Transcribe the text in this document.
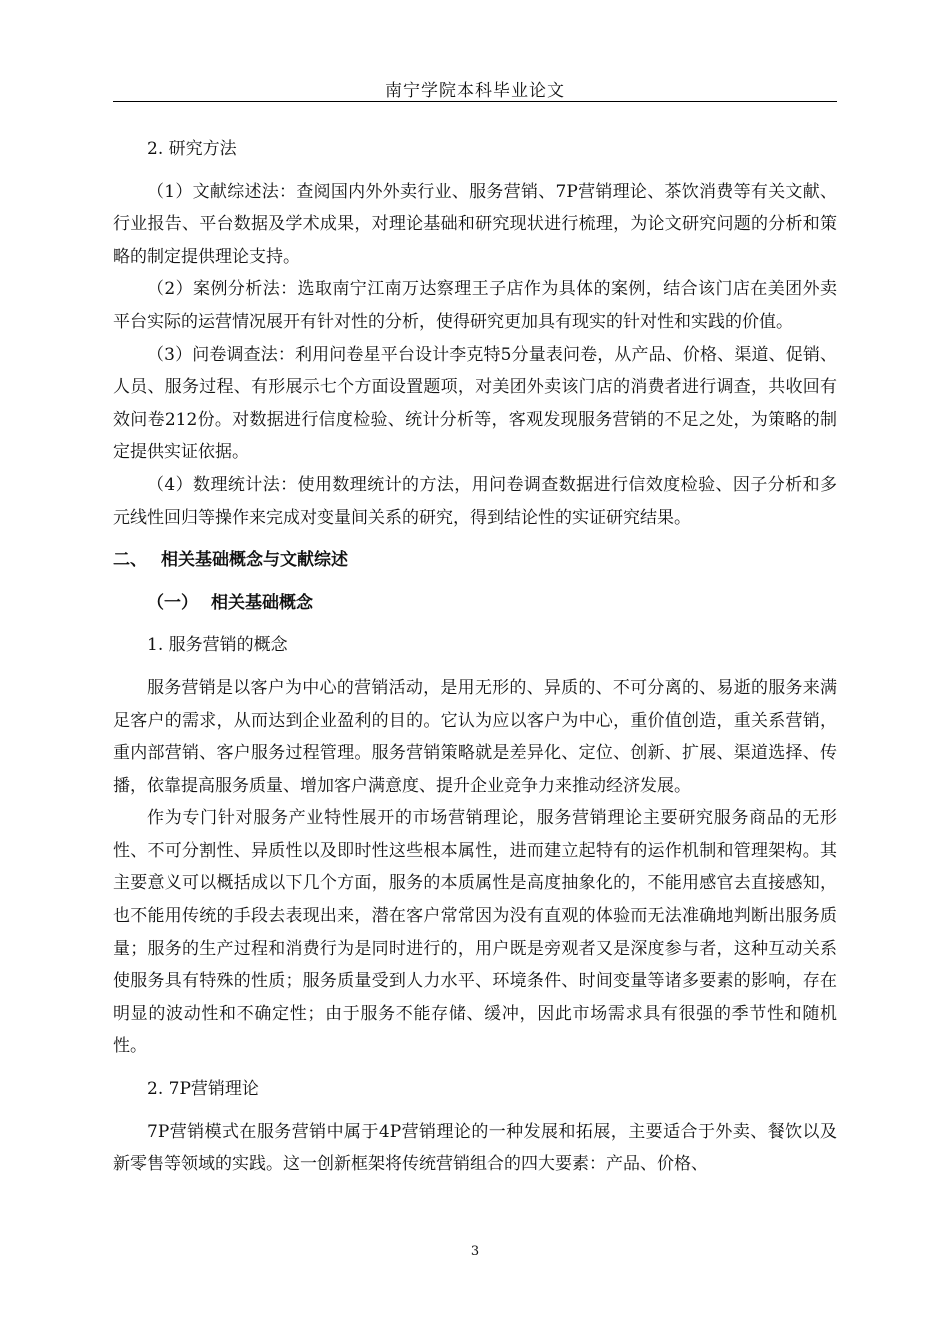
南宁学院本科毕业论文

2. 研究方法

（1）文献综述法：查阅国内外外卖行业、服务营销、7P营销理论、茶饮消费等有关文献、行业报告、平台数据及学术成果，对理论基础和研究现状进行梳理，为论文研究问题的分析和策略的制定提供理论支持。

（2）案例分析法：选取南宁江南万达察理王子店作为具体的案例，结合该门店在美团外卖平台实际的运营情况展开有针对性的分析，使得研究更加具有现实的针对性和实践的价值。

（3）问卷调查法：利用问卷星平台设计李克特5分量表问卷，从产品、价格、渠道、促销、人员、服务过程、有形展示七个方面设置题项，对美团外卖该门店的消费者进行调查，共收回有效问卷212份。对数据进行信度检验、统计分析等，客观发现服务营销的不足之处，为策略的制定提供实证依据。

（4）数理统计法：使用数理统计的方法，用问卷调查数据进行信效度检验、因子分析和多元线性回归等操作来完成对变量间关系的研究，得到结论性的实证研究结果。

二、 相关基础概念与文献综述
（一） 相关基础概念

1. 服务营销的概念

服务营销是以客户为中心的营销活动，是用无形的、异质的、不可分离的、易逝的服务来满足客户的需求，从而达到企业盈利的目的。它认为应以客户为中心，重价值创造，重关系营销，重内部营销、客户服务过程管理。服务营销策略就是差异化、定位、创新、扩展、渠道选择、传播，依靠提高服务质量、增加客户满意度、提升企业竞争力来推动经济发展。

作为专门针对服务产业特性展开的市场营销理论，服务营销理论主要研究服务商品的无形性、不可分割性、异质性以及即时性这些根本属性，进而建立起特有的运作机制和管理架构。其主要意义可以概括成以下几个方面，服务的本质属性是高度抽象化的，不能用感官去直接感知，也不能用传统的手段去表现出来，潜在客户常常因为没有直观的体验而无法准确地判断出服务质量；服务的生产过程和消费行为是同时进行的，用户既是旁观者又是深度参与者，这种互动关系使服务具有特殊的性质；服务质量受到人力水平、环境条件、时间变量等诸多要素的影响，存在明显的波动性和不确定性；由于服务不能存储、缓冲，因此市场需求具有很强的季节性和随机性。

2. 7P营销理论

7P营销模式在服务营销中属于4P营销理论的一种发展和拓展，主要适合于外卖、餐饮以及新零售等领域的实践。这一创新框架将传统营销组合的四大要素：产品、价格、

3
